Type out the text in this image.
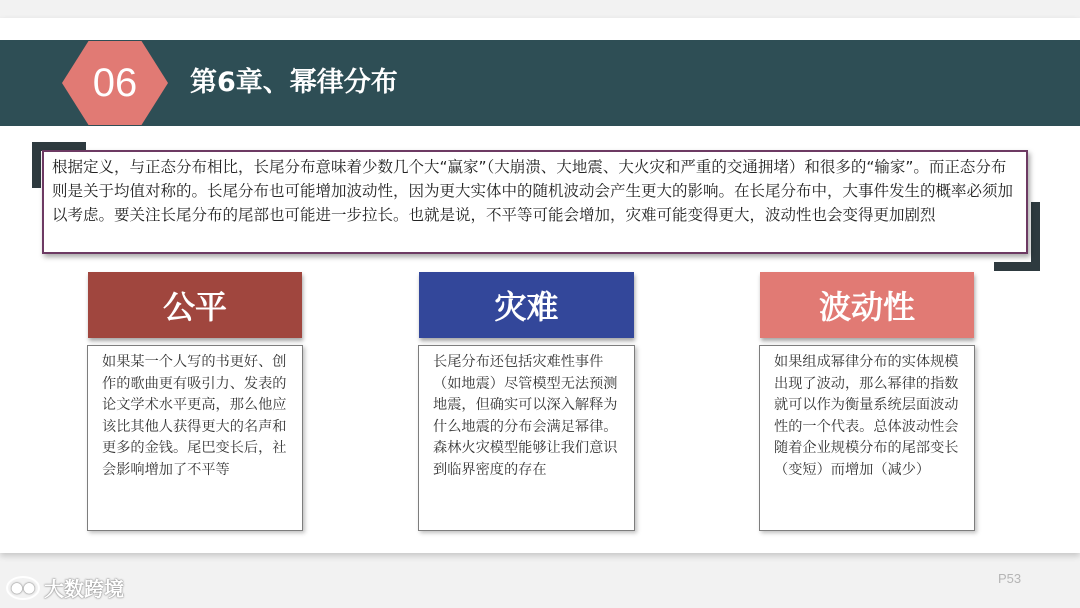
06	第6章、幂律分布

根据定义，与正态分布相比，长尾分布意味着少数几个大“赢家”（大崩溃、大地震、大火灾和严重的交通拥堵）和很多的“输家”。而正态分布则是关于均值对称的。长尾分布也可能增加波动性，因为更大实体中的随机波动会产生更大的影响。在长尾分布中，大事件发生的概率必须加以考虑。要关注长尾分布的尾部也可能进一步拉长。也就是说，不平等可能会增加，灾难可能变得更大，波动性也会变得更加剧烈

公平

如果某一个人写的书更好、创作的歌曲更有吸引力、发表的论文学术水平更高，那么他应该比其他人获得更大的名声和更多的金钱。尾巴变长后，社会影响增加了不平等

灾难

长尾分布还包括灾难性事件（如地震）尽管模型无法预测地震，但确实可以深入解释为什么地震的分布会满足幂律。森林火灾模型能够让我们意识到临界密度的存在

波动性

如果组成幂律分布的实体规模出现了波动，那么幂律的指数就可以作为衡量系统层面波动性的一个代表。总体波动性会随着企业规模分布的尾部变长（变短）而增加（减少）

●● 大数跨境	P53
